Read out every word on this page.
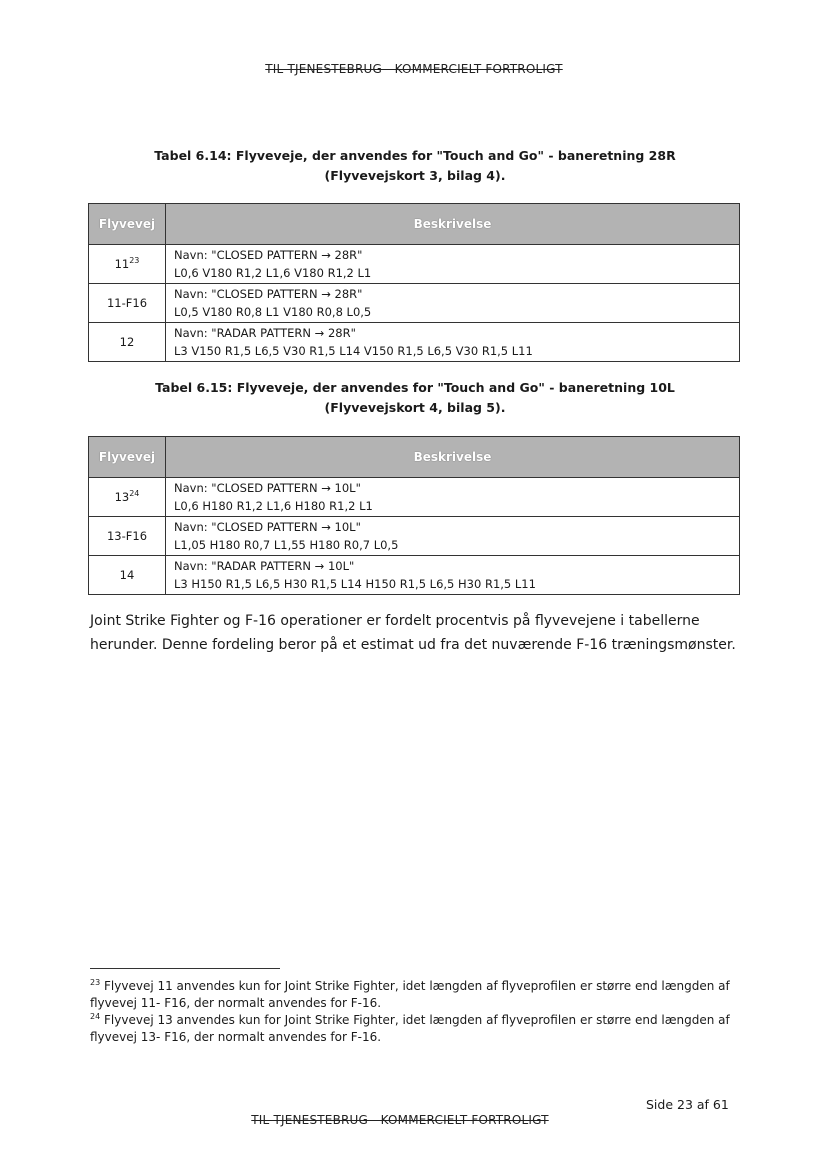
TIL TJENESTEBRUG - KOMMERCIELT FORTROLIGT
Tabel 6.14: Flyveveje, der anvendes for "Touch and Go" - baneretning 28R
(Flyvevejskort 3, bilag 4).
Flyvevej	Beskrivelse
$11^{23}$	Navn: "CLOSED PATTERN → 28R"
L0,6 V180 R1,2 L1,6 V180 R1,2 L1

11-F16	Navn: "CLOSED PATTERN → 28R"
L0,5 V180 R0,8 L1 V180 R0,8 L0,5

12	Navn: "RADAR PATTERN → 28R"
L3 V150 R1,5 L6,5 V30 R1,5 L14 V150 R1,5 L6,5 V30 R1,5 L11
Tabel 6.15: Flyveveje, der anvendes for "Touch and Go" - baneretning 10L
(Flyvevejskort 4, bilag 5).
Flyvevej	Beskrivelse
$13^{24}$	Navn: "CLOSED PATTERN → 10L"
L0,6 H180 R1,2 L1,6 H180 R1,2 L1

13-F16	Navn: "CLOSED PATTERN → 10L"
L1,05 H180 R0,7 L1,55 H180 R0,7 L0,5

14	Navn: "RADAR PATTERN → 10L"
L3 H150 R1,5 L6,5 H30 R1,5 L14 H150 R1,5 L6,5 H30 R1,5 L11

Joint Strike Fighter og F-16 operationer er fordelt procentvis på flyvevejene i tabellerne herunder. Denne fordeling beror på et estimat ud fra det nuværende F-16 træningsmønster.

$^{23}$ Flyvevej 11 anvendes kun for Joint Strike Fighter, idet længden af flyveprofilen er større end længden af flyvevej 11- F16, der normalt anvendes for F-16.

$^{24}$ Flyvevej 13 anvendes kun for Joint Strike Fighter, idet længden af flyveprofilen er større end længden af flyvevej 13- F16, der normalt anvendes for F-16.

Side 23 af 61
TIL TJENESTEBRUG - KOMMERCIELT FORTROLIGT
